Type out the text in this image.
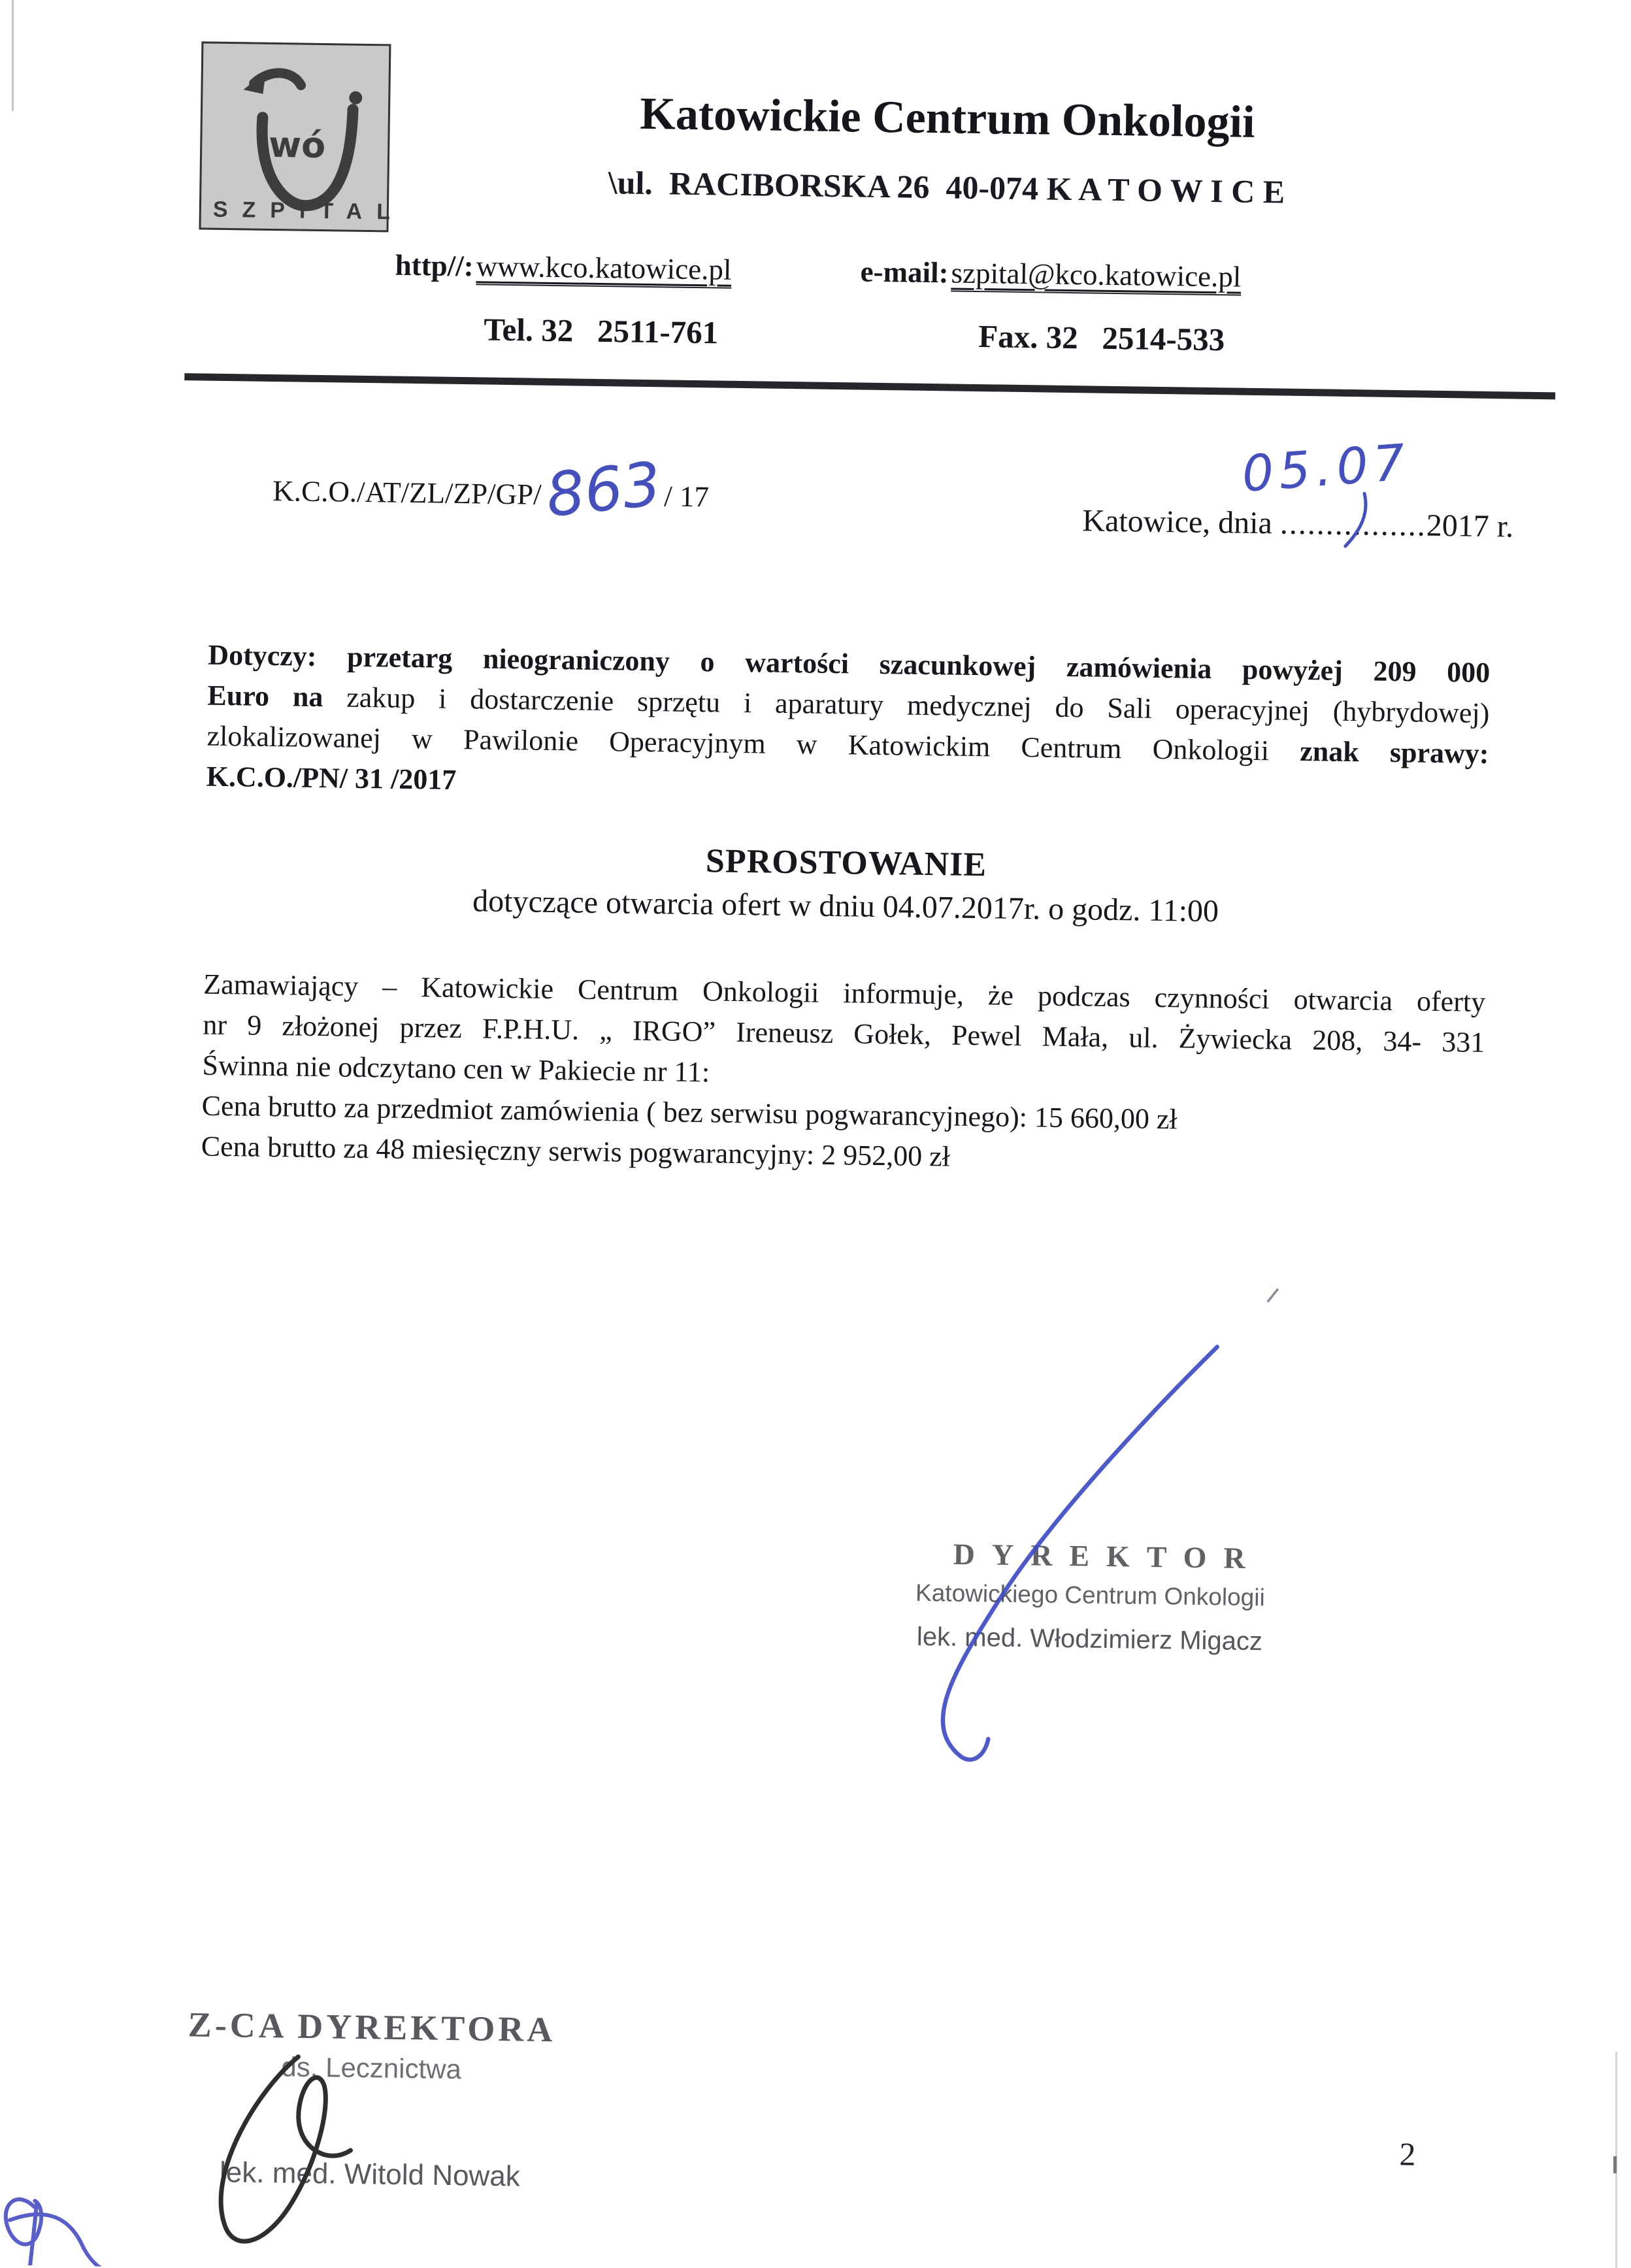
wó
SZPITAL
Katowickie Centrum Onkologii
\ul.  RACIBORSKA 26  40-074 K A T O W I C E
http//: www.kco.katowice.pl	e-mail: szpital@kco.katowice.pl
Tel. 32   2511-761	Fax. 32   2514-533

K.C.O./AT/ZL/ZP/GP/863/ 17

Katowice, dnia ................2017 r.

05.07
Dotyczy: przetarg nieograniczony o wartości szacunkowej zamówienia powyżej 209 000
Euro na zakup i dostarczenie sprzętu i aparatury medycznej do Sali operacyjnej (hybrydowej)
zlokalizowanej w Pawilonie Operacyjnym w Katowickim Centrum Onkologii znak sprawy:
K.C.O./PN/ 31 /2017
SPROSTOWANIE
dotyczące otwarcia ofert w dniu 04.07.2017r. o godz. 11:00
Zamawiający – Katowickie Centrum Onkologii informuje, że podczas czynności otwarcia oferty
nr 9 złożonej przez F.P.H.U. „ IRGO” Ireneusz Gołek, Pewel Mała, ul. Żywiecka 208, 34- 331
Świnna nie odczytano cen w Pakiecie nr 11:
Cena brutto za przedmiot zamówienia ( bez serwisu pogwarancyjnego): 15 660,00 zł
Cena brutto za 48 miesięczny serwis pogwarancyjny: 2 952,00 zł
DYREKTOR
Katowickiego Centrum Onkologii
lek. med. Włodzimierz Migacz
Z-CA DYREKTORA
ds. Lecznictwa
lek. med. Witold Nowak
2
